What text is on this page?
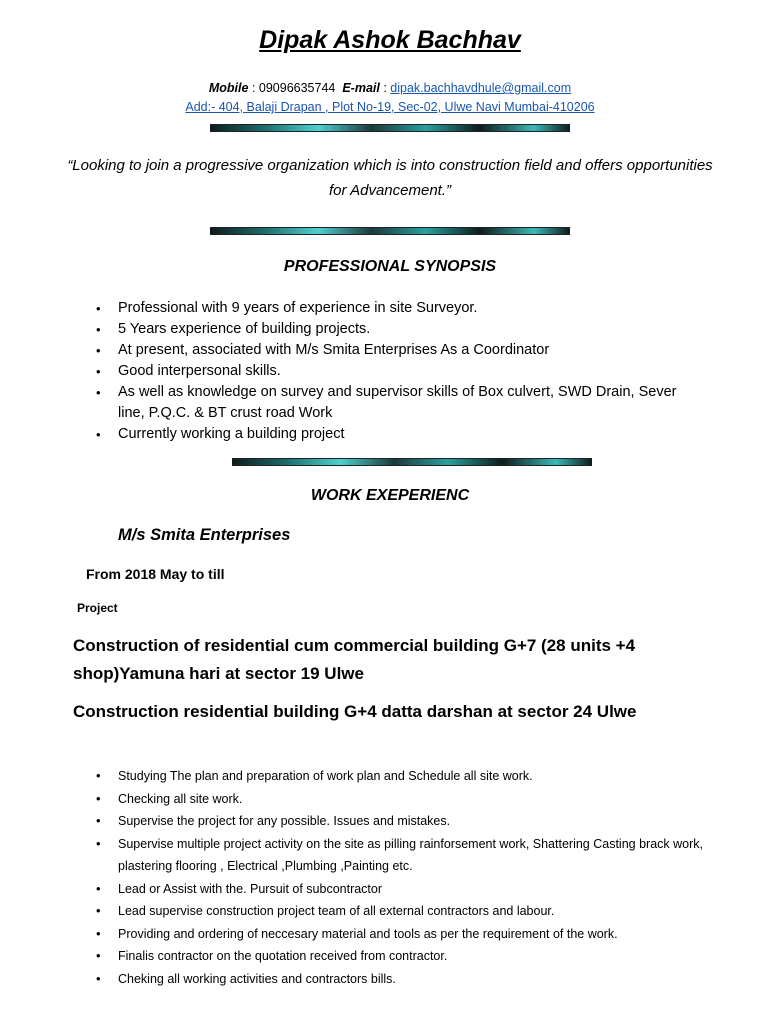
Dipak Ashok Bachhav
Mobile : 09096635744 E-mail : dipak.bachhavdhule@gmail.com
Add:- 404, Balaji Drapan , Plot No-19, Sec-02, Ulwe Navi Mumbai-410206
“Looking to join a progressive organization which is into construction field and offers opportunities for Advancement.”
PROFESSIONAL SYNOPSIS
• Professional with 9 years of experience in site Surveyor.
• 5 Years experience of building projects.
• At present, associated with M/s Smita Enterprises As a Coordinator
• Good interpersonal skills.
• As well as knowledge on survey and supervisor skills of Box culvert, SWD Drain, Sever line, P.Q.C. & BT crust road Work
• Currently working a building project
WORK EXEPERIENC
M/s Smita Enterprises
From 2018 May to till
Project
Construction of residential cum commercial building G+7 (28 units +4 shop)Yamuna hari at sector 19 Ulwe
Construction residential building G+4 datta darshan at sector 24 Ulwe
• Studying The plan and preparation of work plan and Schedule all site work.
• Checking all site work.
• Supervise the project for any possible. Issues and mistakes.
• Supervise multiple project activity on the site as pilling rainforsement work, Shattering Casting brack work, plastering flooring , Electrical ,Plumbing ,Painting etc.
• Lead or Assist with the. Pursuit of subcontractor
• Lead supervise construction project team of all external contractors and labour.
• Providing and ordering of neccesary material and tools as per the requirement of the work.
• Finalis contractor on the quotation received from contractor.
• Cheking all working activities and contractors bills.
